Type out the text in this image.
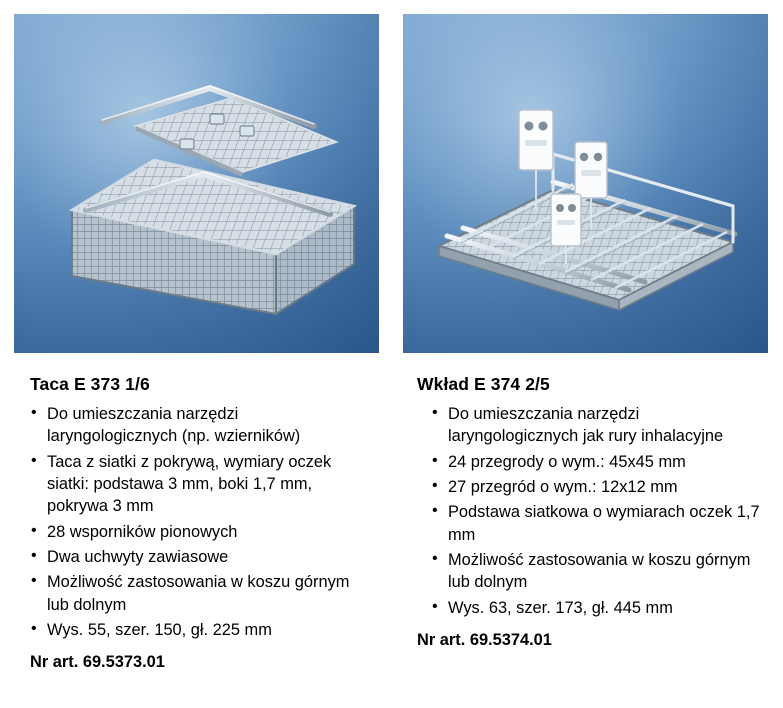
Taca E 373 1/6
• Do umieszczania narzędzi laryngologicznych (np. wzierników)
• Taca z siatki z pokrywą, wymiary oczek siatki: podstawa 3 mm, boki 1,7 mm, pokrywa 3 mm
• 28 wsporników pionowych
• Dwa uchwyty zawiasowe
• Możliwość zastosowania w koszu górnym lub dolnym
• Wys. 55, szer. 150, gł. 225 mm
Nr art. 69.5373.01
Wkład E 374 2/5
• Do umieszczania narzędzi laryngologicznych jak rury inhalacyjne
• 24 przegrody o wym.: 45x45 mm
• 27 przegród o wym.: 12x12 mm
• Podstawa siatkowa o wymiarach oczek 1,7 mm
• Możliwość zastosowania w koszu górnym lub dolnym
• Wys. 63, szer. 173, gł. 445 mm
Nr art. 69.5374.01
